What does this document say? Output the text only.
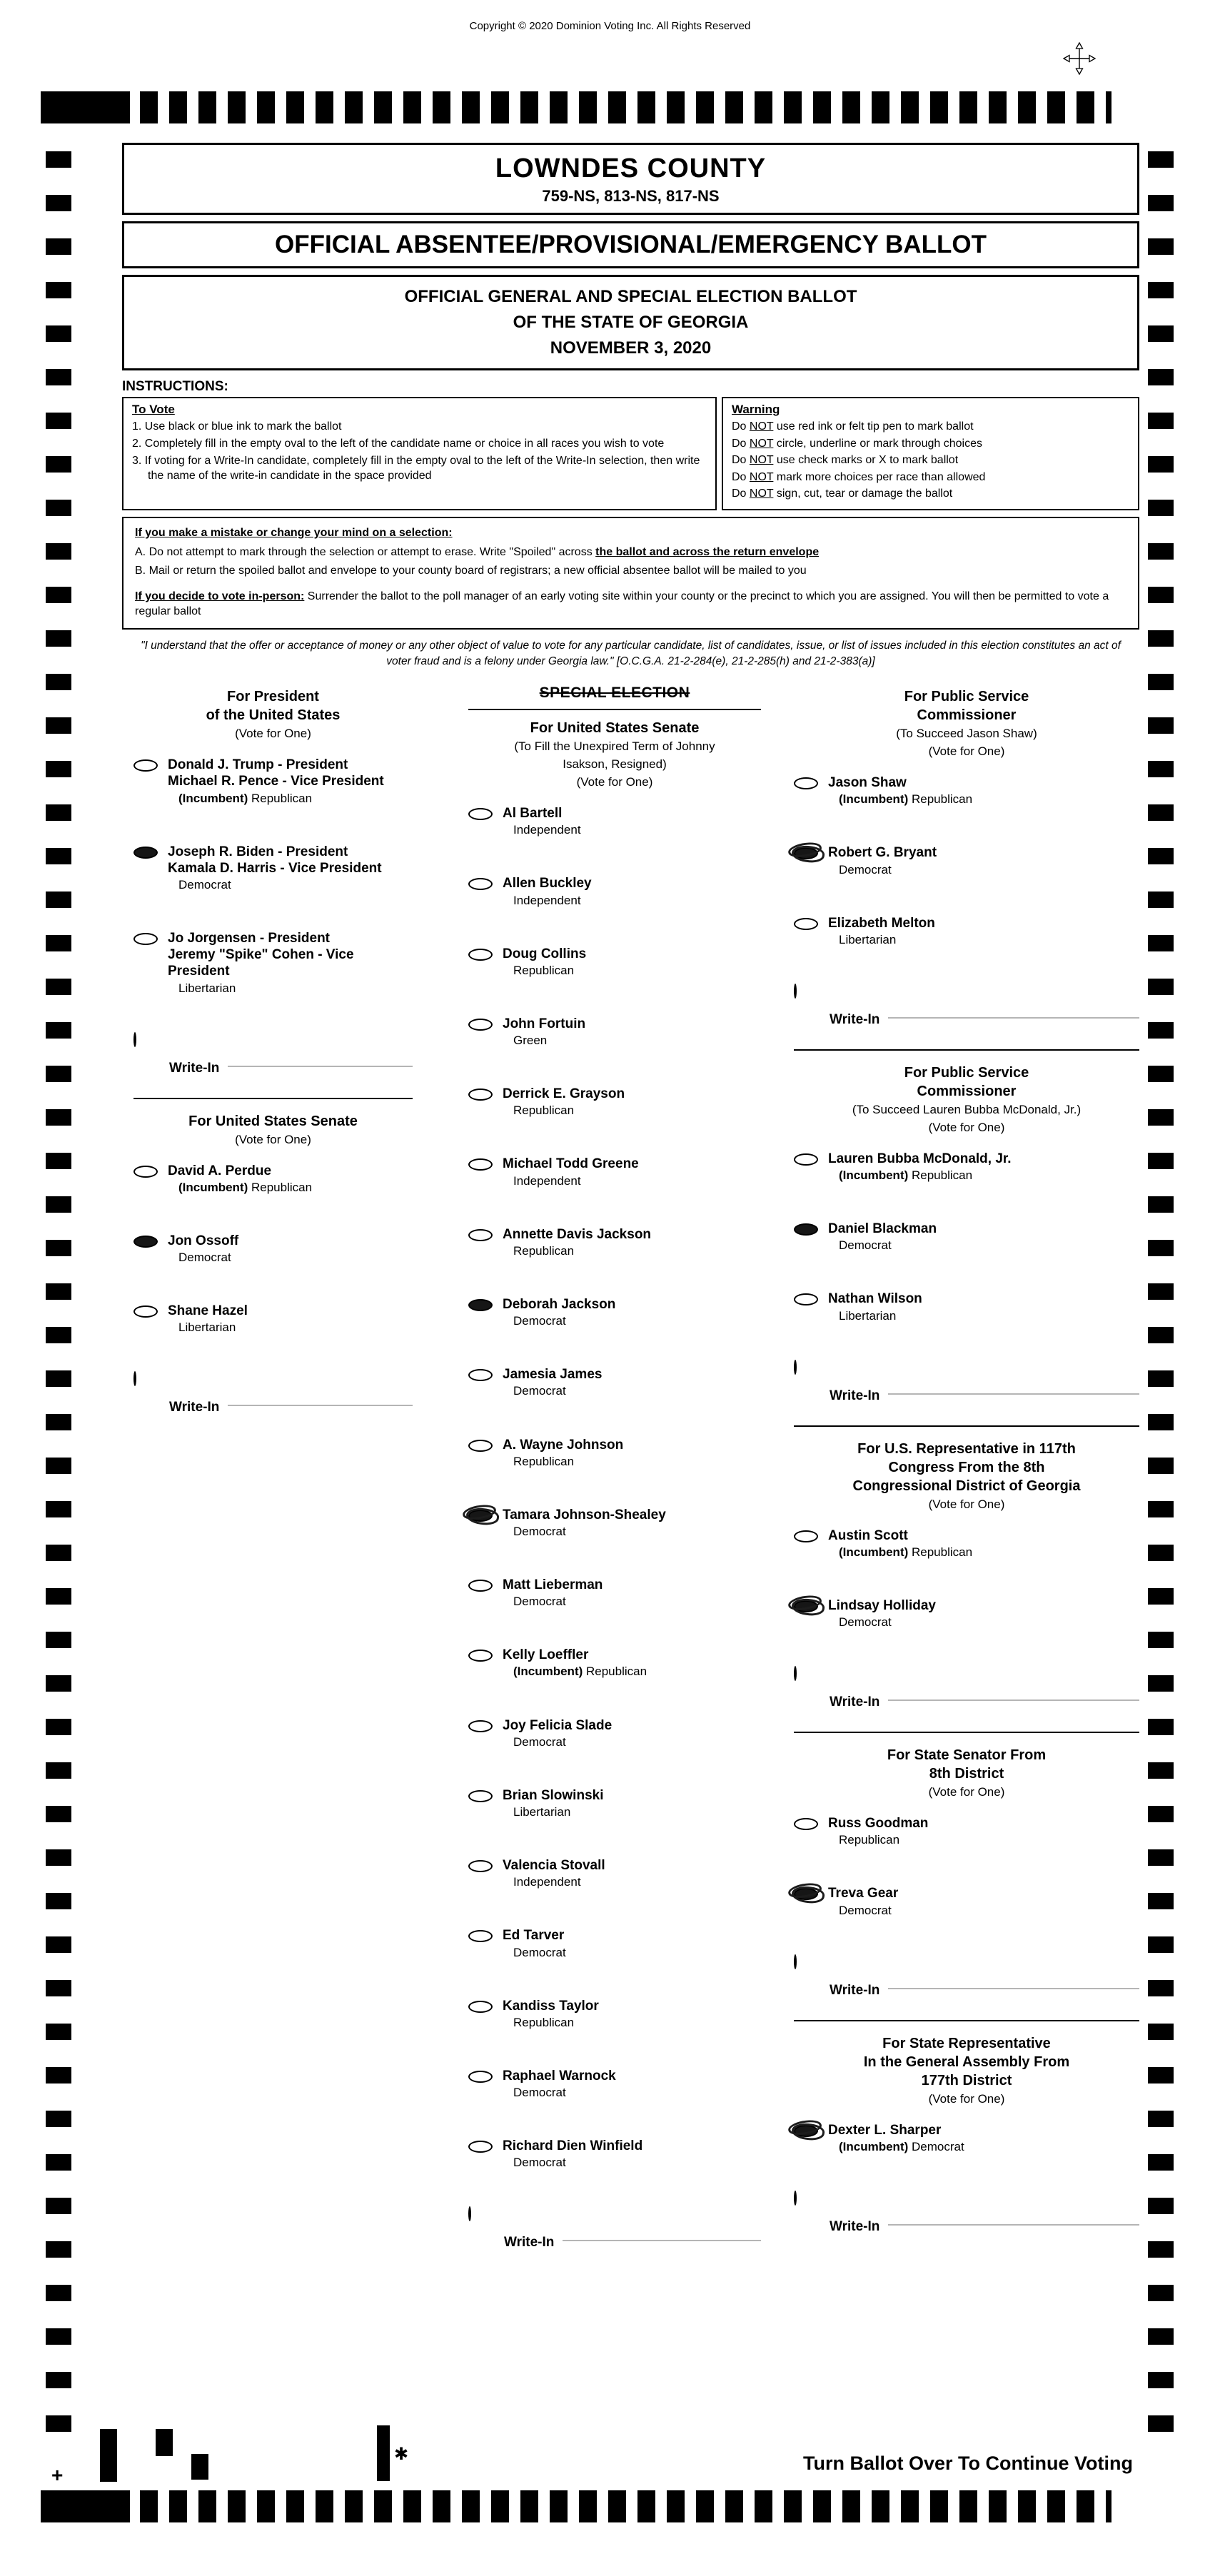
Copyright © 2020 Dominion Voting Inc. All Rights Reserved
LOWNDES COUNTY
759-NS, 813-NS, 817-NS
OFFICIAL ABSENTEE/PROVISIONAL/EMERGENCY BALLOT
OFFICIAL GENERAL AND SPECIAL ELECTION BALLOT
OF THE STATE OF GEORGIA
NOVEMBER 3, 2020
INSTRUCTIONS:
To Vote
1. Use black or blue ink to mark the ballot
2. Completely fill in the empty oval to the left of the candidate name or choice in all races you wish to vote
3. If voting for a Write-In candidate, completely fill in the empty oval to the left of the Write-In selection, then write the name of the write-in candidate in the space provided
Warning
Do NOT use red ink or felt tip pen to mark ballot
Do NOT circle, underline or mark through choices
Do NOT use check marks or X to mark ballot
Do NOT mark more choices per race than allowed
Do NOT sign, cut, tear or damage the ballot
If you make a mistake or change your mind on a selection:
A. Do not attempt to mark through the selection or attempt to erase. Write "Spoiled" across the ballot and across the return envelope
B. Mail or return the spoiled ballot and envelope to your county board of registrars; a new official absentee ballot will be mailed to you
If you decide to vote in-person: Surrender the ballot to the poll manager of an early voting site within your county or the precinct to which you are assigned. You will then be permitted to vote a regular ballot
"I understand that the offer or acceptance of money or any other object of value to vote for any particular candidate, list of candidates, issue, or list of issues included in this election constitutes an act of voter fraud and is a felony under Georgia law." [O.C.G.A. 21-2-284(e), 21-2-285(h) and 21-2-383(a)]
For President
of the United States
(Vote for One)
Donald J. Trump - President
Michael R. Pence - Vice President
(Incumbent) Republican
Joseph R. Biden - President
Kamala D. Harris - Vice President
Democrat
Jo Jorgensen - President
Jeremy "Spike" Cohen - Vice President
Libertarian
Write-In
For United States Senate
(Vote for One)
David A. Perdue
(Incumbent) Republican
Jon Ossoff
Democrat
Shane Hazel
Libertarian
Write-In
SPECIAL ELECTION
For United States Senate
(To Fill the Unexpired Term of Johnny
Isakson, Resigned)
(Vote for One)
Al Bartell
Independent
Allen Buckley
Independent
Doug Collins
Republican
John Fortuin
Green
Derrick E. Grayson
Republican
Michael Todd Greene
Independent
Annette Davis Jackson
Republican
Deborah Jackson
Democrat
Jamesia James
Democrat
A. Wayne Johnson
Republican
Tamara Johnson-Shealey
Democrat
Matt Lieberman
Democrat
Kelly Loeffler
(Incumbent) Republican
Joy Felicia Slade
Democrat
Brian Slowinski
Libertarian
Valencia Stovall
Independent
Ed Tarver
Democrat
Kandiss Taylor
Republican
Raphael Warnock
Democrat
Richard Dien Winfield
Democrat
Write-In
For Public Service
Commissioner
(To Succeed Jason Shaw)
(Vote for One)
Jason Shaw
(Incumbent) Republican
Robert G. Bryant
Democrat
Elizabeth Melton
Libertarian
Write-In
For Public Service
Commissioner
(To Succeed Lauren Bubba McDonald, Jr.)
(Vote for One)
Lauren Bubba McDonald, Jr.
(Incumbent) Republican
Daniel Blackman
Democrat
Nathan Wilson
Libertarian
Write-In
For U.S. Representative in 117th
Congress From the 8th
Congressional District of Georgia
(Vote for One)
Austin Scott
(Incumbent) Republican
Lindsay Holliday
Democrat
Write-In
For State Senator From
8th District
(Vote for One)
Russ Goodman
Republican
Treva Gear
Democrat
Write-In
For State Representative
In the General Assembly From
177th District
(Vote for One)
Dexter L. Sharper
(Incumbent) Democrat
Write-In
Turn Ballot Over To Continue Voting
✱
+
